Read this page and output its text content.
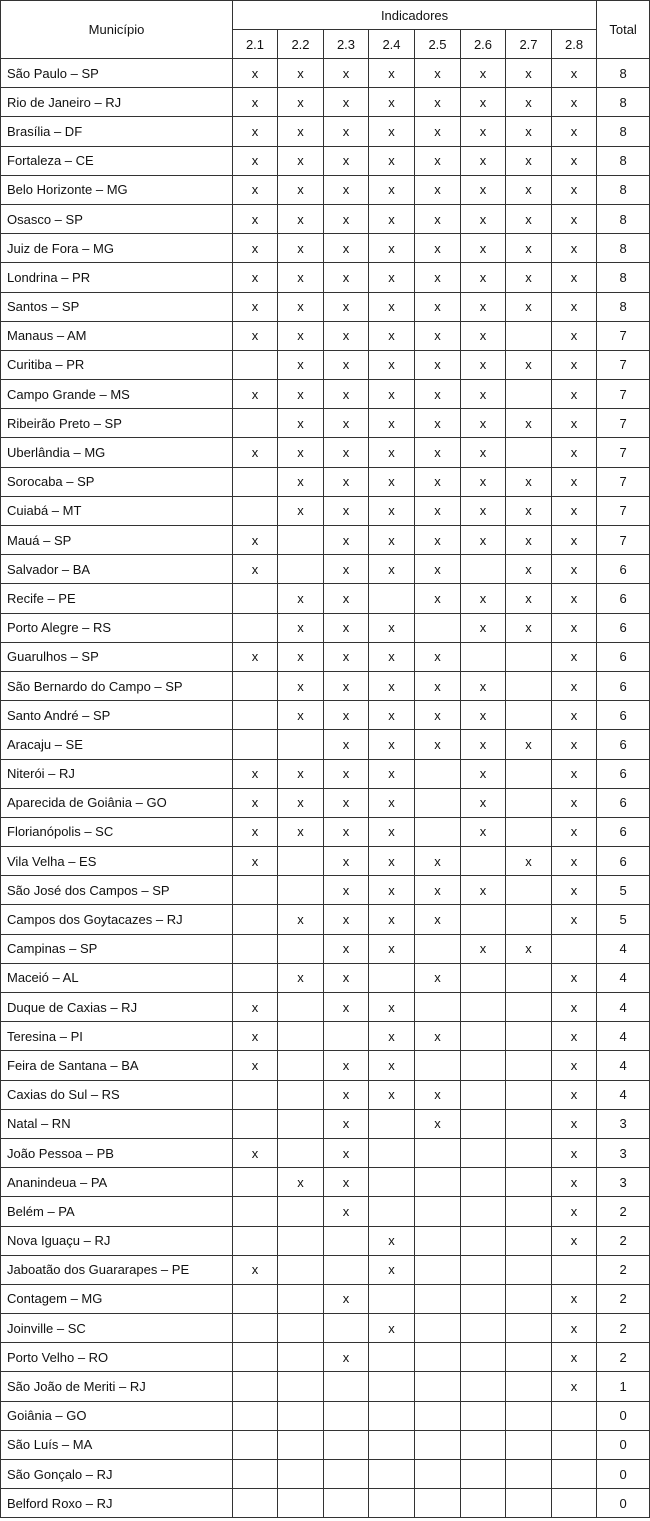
Município	Indicadores								Total
	2.1	2.2	2.3	2.4	2.5	2.6	2.7	2.8	
São Paulo – SP	x	x	x	x	x	x	x	x	8
Rio de Janeiro – RJ	x	x	x	x	x	x	x	x	8
Brasília – DF	x	x	x	x	x	x	x	x	8
Fortaleza – CE	x	x	x	x	x	x	x	x	8
Belo Horizonte – MG	x	x	x	x	x	x	x	x	8
Osasco – SP	x	x	x	x	x	x	x	x	8
Juiz de Fora – MG	x	x	x	x	x	x	x	x	8
Londrina – PR	x	x	x	x	x	x	x	x	8
Santos – SP	x	x	x	x	x	x	x	x	8
Manaus – AM	x	x	x	x	x	x		x	7
Curitiba – PR		x	x	x	x	x	x	x	7
Campo Grande – MS	x	x	x	x	x	x		x	7
Ribeirão Preto – SP		x	x	x	x	x	x	x	7
Uberlândia – MG	x	x	x	x	x	x		x	7
Sorocaba – SP		x	x	x	x	x	x	x	7
Cuiabá – MT		x	x	x	x	x	x	x	7
Mauá – SP	x		x	x	x	x	x	x	7
Salvador – BA	x		x	x	x		x	x	6
Recife – PE		x	x		x	x	x	x	6
Porto Alegre – RS		x	x	x		x	x	x	6
Guarulhos – SP	x	x	x	x	x			x	6
São Bernardo do Campo – SP		x	x	x	x	x		x	6
Santo André – SP		x	x	x	x	x		x	6
Aracaju – SE			x	x	x	x	x	x	6
Niterói – RJ	x	x	x	x		x		x	6
Aparecida de Goiânia – GO	x	x	x	x		x		x	6
Florianópolis – SC	x	x	x	x		x		x	6
Vila Velha – ES	x		x	x	x		x	x	6
São José dos Campos – SP			x	x	x	x		x	5
Campos dos Goytacazes – RJ		x	x	x	x			x	5
Campinas – SP			x	x		x	x		4
Maceió – AL		x	x		x			x	4
Duque de Caxias – RJ	x		x	x				x	4
Teresina – PI	x			x	x			x	4
Feira de Santana – BA	x		x	x				x	4
Caxias do Sul – RS			x	x	x			x	4
Natal – RN			x		x			x	3
João Pessoa – PB	x		x					x	3
Ananindeua – PA		x	x					x	3
Belém – PA			x					x	2
Nova Iguaçu – RJ				x				x	2
Jaboatão dos Guararapes – PE	x			x					2
Contagem – MG			x					x	2
Joinville – SC				x				x	2
Porto Velho – RO			x					x	2
São João de Meriti – RJ								x	1
Goiânia – GO									0
São Luís – MA									0
São Gonçalo – RJ									0
Belford Roxo – RJ									0
